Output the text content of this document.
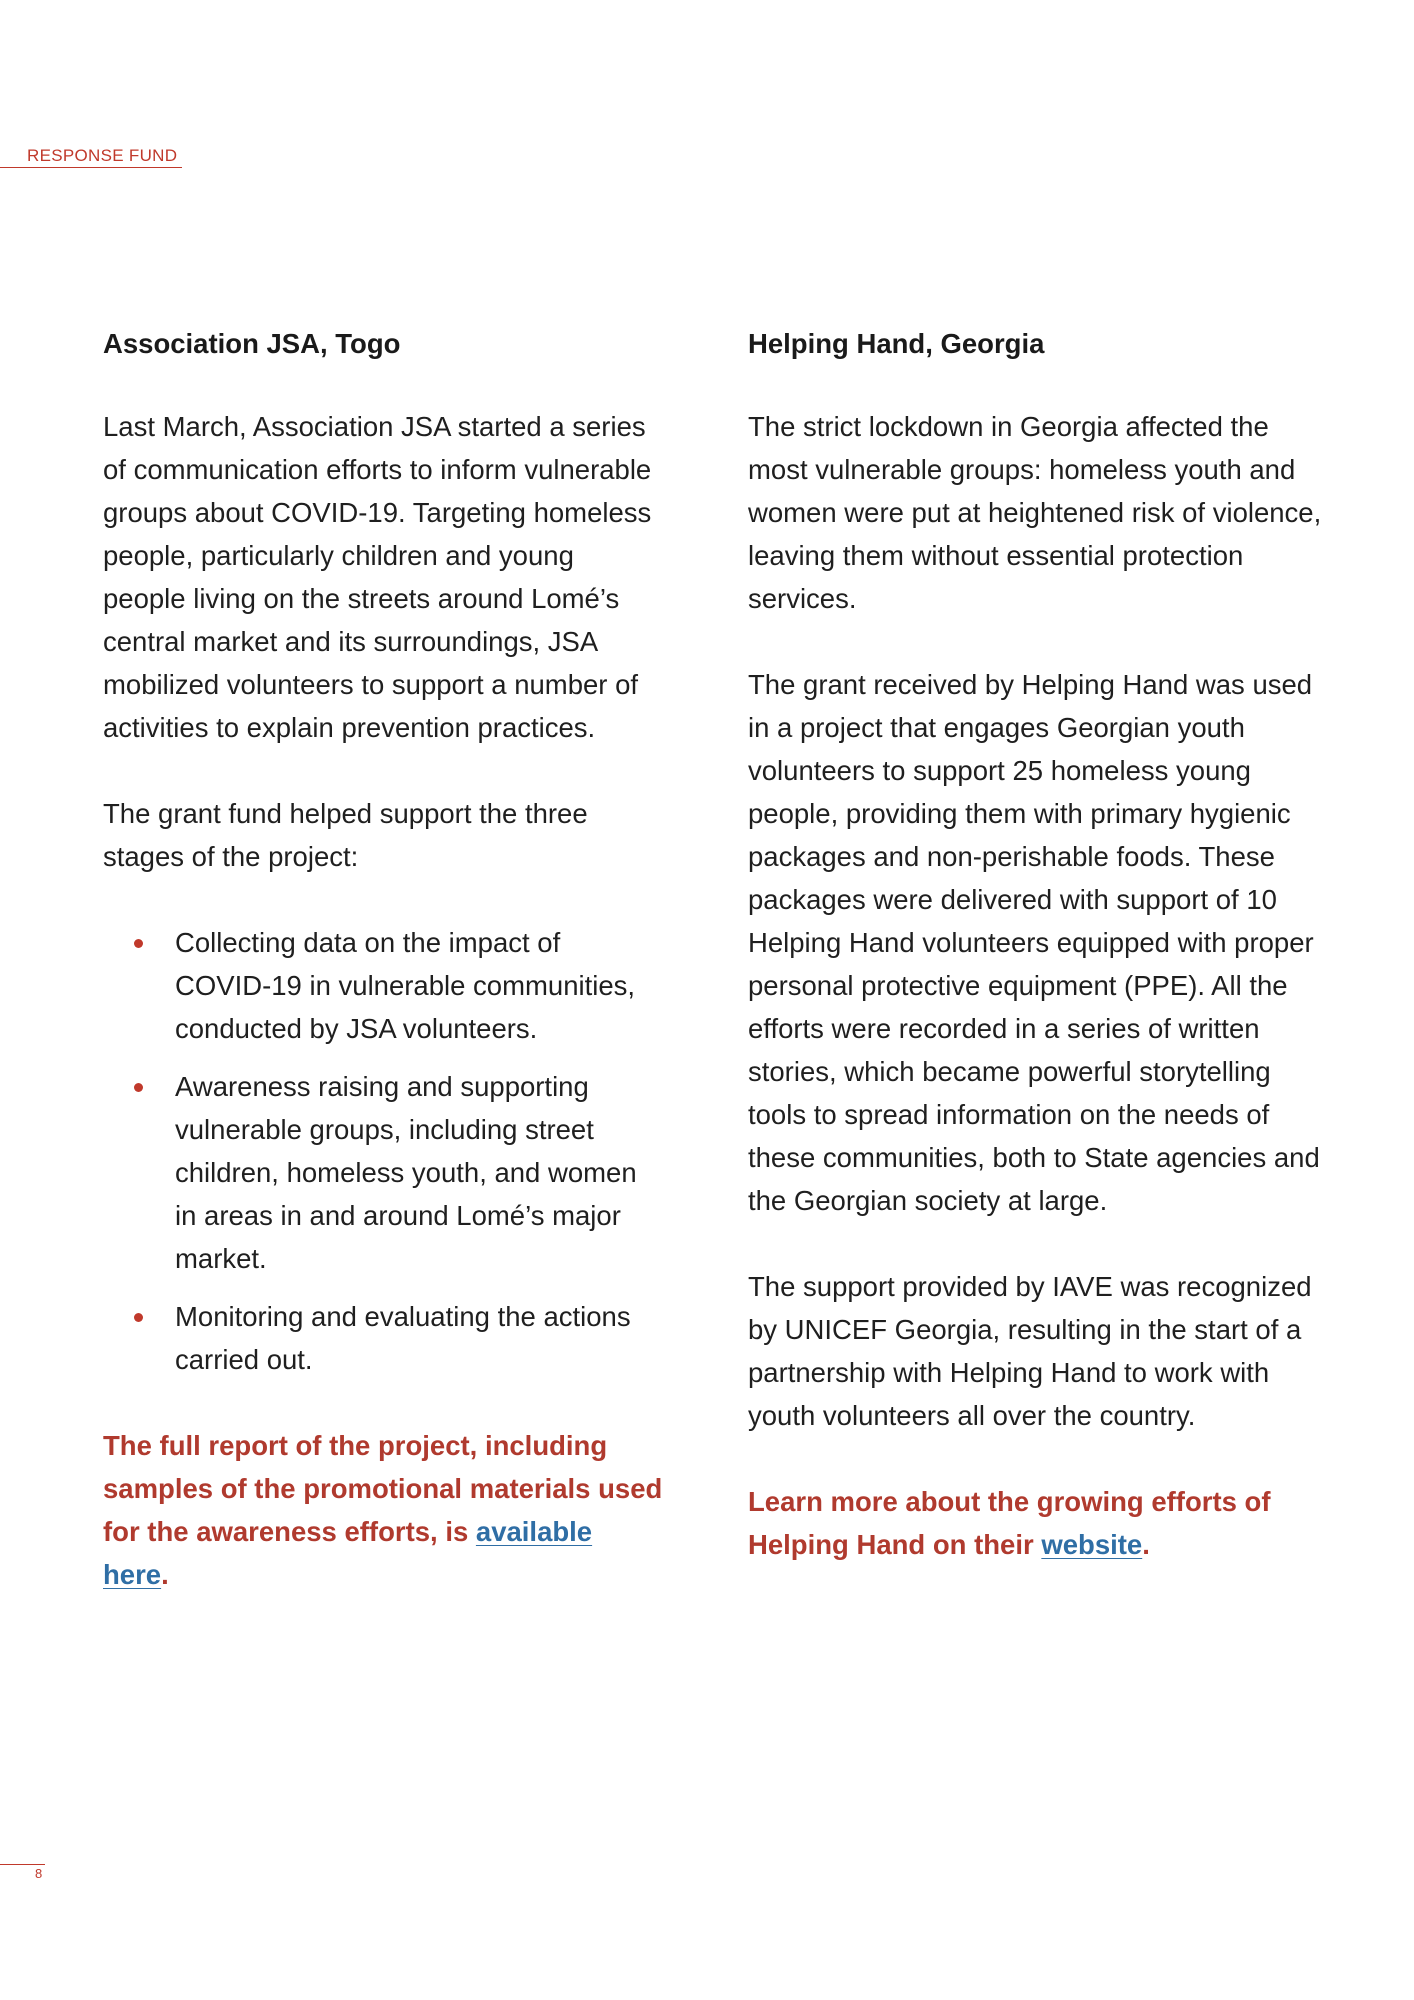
RESPONSE FUND
Association JSA, Togo

Last March, Association JSA started a series of communication efforts to inform vulnerable groups about COVID-19. Targeting homeless people, particularly children and young people living on the streets around Lomé’s central market and its surroundings, JSA mobilized volunteers to support a number of activities to explain prevention practices.

The grant fund helped support the three stages of the project:

Collecting data on the impact of COVID-19 in vulnerable communities, conducted by JSA volunteers.
Awareness raising and supporting vulnerable groups, including street children, homeless youth, and women in areas in and around Lomé’s major market.
Monitoring and evaluating the actions carried out.

The full report of the project, including samples of the promotional materials used for the awareness efforts, is available here.

Helping Hand, Georgia

The strict lockdown in Georgia affected the most vulnerable groups: homeless youth and women were put at heightened risk of violence, leaving them without essential protection services.

The grant received by Helping Hand was used in a project that engages Georgian youth volunteers to support 25 homeless young people, providing them with primary hygienic packages and non-perishable foods. These packages were delivered with support of 10 Helping Hand volunteers equipped with proper personal protective equipment (PPE). All the efforts were recorded in a series of written stories, which became powerful storytelling tools to spread information on the needs of these communities, both to State agencies and the Georgian society at large.

The support provided by IAVE was recognized by UNICEF Georgia, resulting in the start of a partnership with Helping Hand to work with youth volunteers all over the country.

Learn more about the growing efforts of Helping Hand on their website.

8
